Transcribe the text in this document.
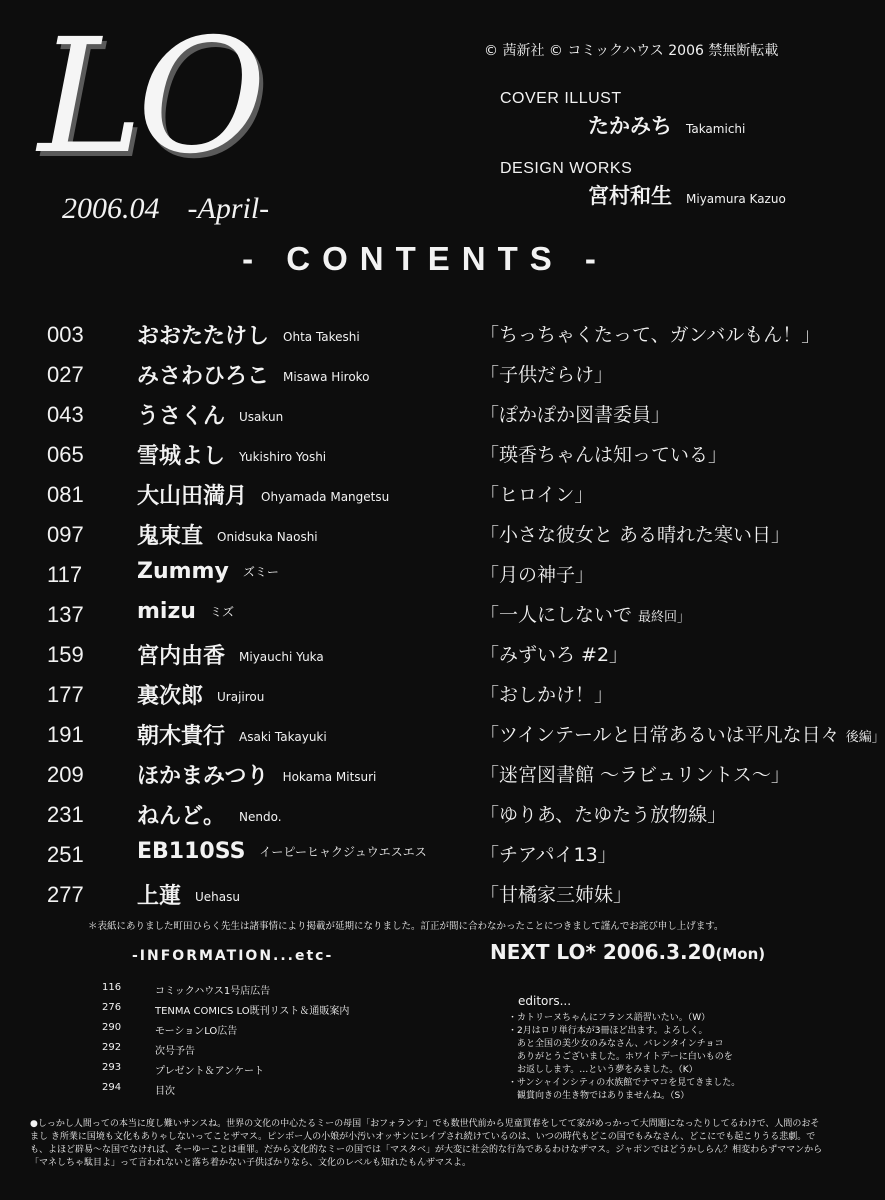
LO
2006.04 -April-
© 茜新社 © コミックハウス 2006 禁無断転載
COVER ILLUST
たかみち Takamichi
DESIGN WORKS
宮村和生 Miyamura Kazuo
- CONTENTS -
003 おおたたけし Ohta Takeshi	「ちっちゃくたって、ガンバルもん！」
027 みさわひろこ Misawa Hiroko	「子供だらけ」
043 うさくん Usakun	「ぽかぽか図書委員」
065 雪城よし Yukishiro Yoshi	「瑛香ちゃんは知っている」
081 大山田満月 Ohyamada Mangetsu	「ヒロイン」
097 鬼束直 Onidsuka Naoshi	「小さな彼女と ある晴れた寒い日」
117 Zummy ズミー	「月の神子」
137 mizu ミズ	「一人にしないで 最終回」
159 宮内由香 Miyauchi Yuka	「みずいろ #2」
177 裏次郎 Urajirou	「おしかけ！」
191 朝木貴行 Asaki Takayuki	「ツインテールと日常あるいは平凡な日々 後編」
209 ほかまみつり Hokama Mitsuri	「迷宮図書館 〜ラビュリントス〜」
231 ねんど。 Nendo.	「ゆりあ、たゆたう放物線」
251 EB110SS イーピーヒャクジュウエスエス	「チアパイ13」
277 上蓮 Uehasu	「甘橘家三姉妹」
＊表紙にありました町田ひらく先生は諸事情により掲載が延期になりました。訂正が間に合わなかったことにつきまして謹んでお詫び申し上げます。
-INFORMATION...etc-
116	コミックハウス1号店広告
276	TENMA COMICS LO既刊リスト＆通販案内
290	モーションLO広告
292	次号予告
293	プレゼント＆アンケート
294	目次
NEXT LO* 2006.3.20(Mon)
editors...
・カトリーヌちゃんにフランス語習いたい。（W）
・2月はロリ単行本が3冊ほど出ます。よろしく。
　あと全国の美少女のみなさん、バレンタインチョコ
　ありがとうございました。ホワイトデーに白いものを
　お返しします。…という夢をみました。（K）
・サンシャインシティの水族館でナマコを見てきました。
　観賞向きの生き物ではありませんね。（S）
●しっかし人間っての本当に度し難いサンスね。世界の文化の中心たるミーの母国「おフォランす」でも数世代前から児童買春をしてて家がめっかって大問題になったりしてるわけで、人間のおそまし き所業に国境も文化もありゃしないってことザマス。ピンボー人の小娘が小汚いオッサンにレイプされ続けているのは、いつの時代もどこの国でもみなさん、どこにでも起こりうる悲劇。でも、よほど辟易〜な国でなければ、そーゆーことは重罪。だから文化的なミーの国では「マスタベ」が大変に社会的な行為であるわけなザマス。ジャポンではどうかしらん？相変わらずママンから「マネしちゃ駄目よ」って言われないと落ち着かない子供ばかりなら、文化のレベルも知れたもんザマスよ。
